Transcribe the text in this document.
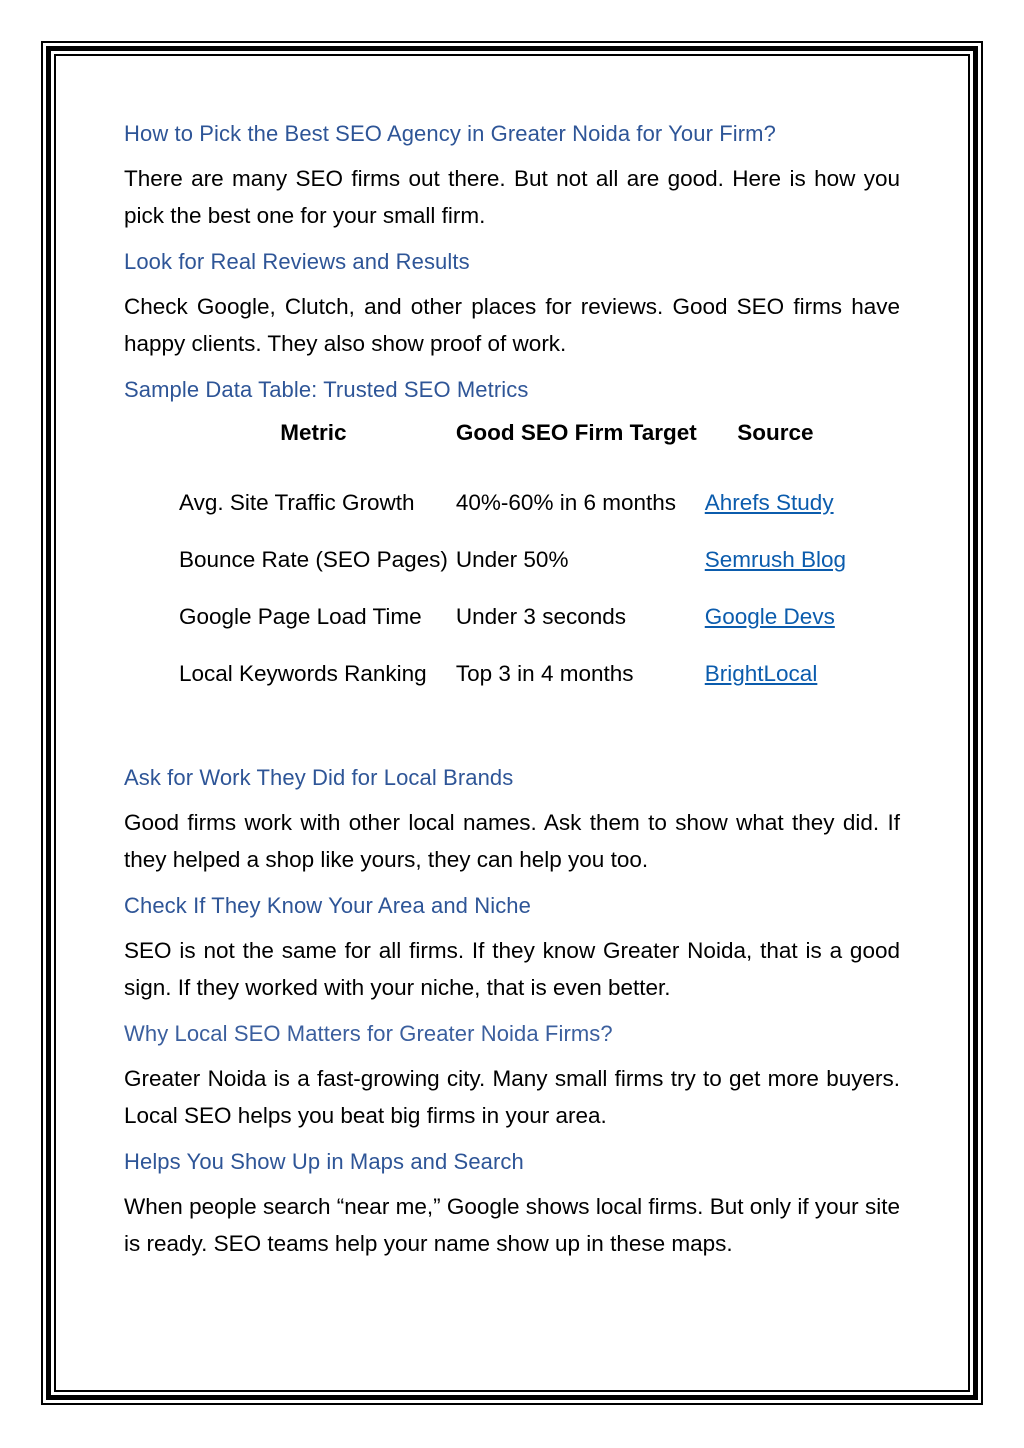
How to Pick the Best SEO Agency in Greater Noida for Your Firm?

There are many SEO firms out there. But not all are good. Here is how you pick the best one for your small firm.

Look for Real Reviews and Results

Check Google, Clutch, and other places for reviews. Good SEO firms have happy clients. They also show proof of work.

Sample Data Table: Trusted SEO Metrics
Metric	Good SEO Firm Target	Source
Avg. Site Traffic Growth	40%-60% in 6 months	Ahrefs Study
Bounce Rate (SEO Pages)	Under 50%	Semrush Blog
Google Page Load Time	Under 3 seconds	Google Devs
Local Keywords Ranking	Top 3 in 4 months	BrightLocal
Ask for Work They Did for Local Brands

Good firms work with other local names. Ask them to show what they did. If they helped a shop like yours, they can help you too.

Check If They Know Your Area and Niche

SEO is not the same for all firms. If they know Greater Noida, that is a good sign. If they worked with your niche, that is even better.

Why Local SEO Matters for Greater Noida Firms?

Greater Noida is a fast-growing city. Many small firms try to get more buyers. Local SEO helps you beat big firms in your area.

Helps You Show Up in Maps and Search

When people search “near me,” Google shows local firms. But only if your site is ready. SEO teams help your name show up in these maps.
